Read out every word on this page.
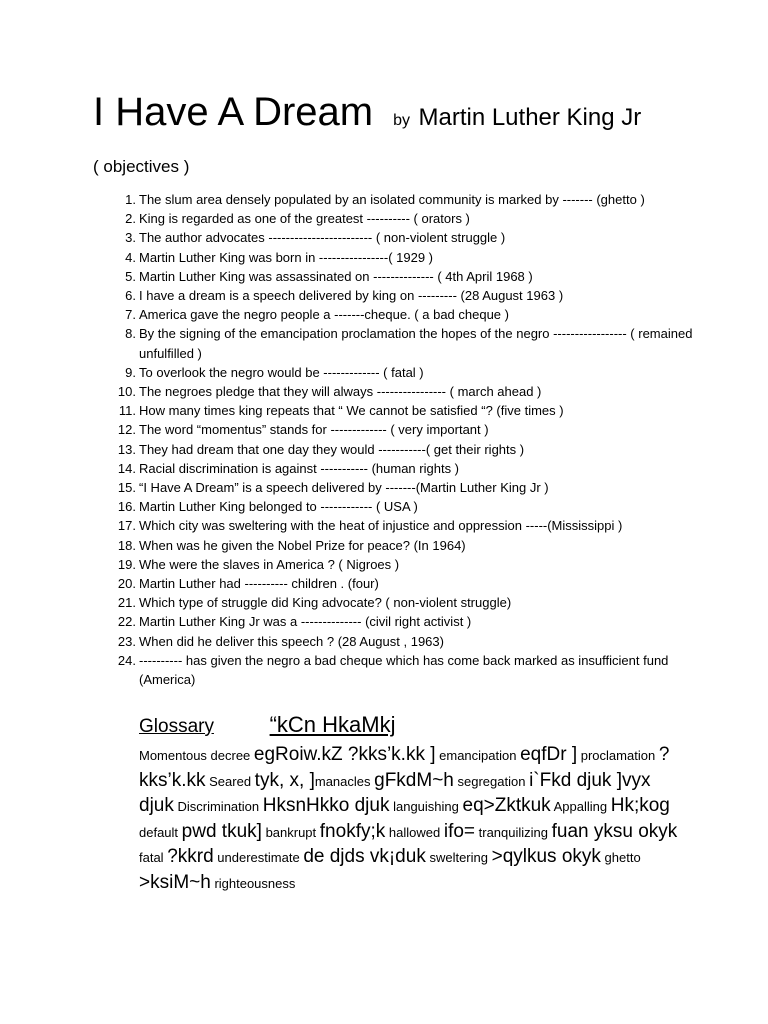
I Have A Dream by Martin Luther King Jr
( objectives )
1. The slum area densely populated by an isolated community is marked by ------- (ghetto )
2. King is regarded as one of the greatest ---------- ( orators )
3. The author advocates ------------------------ ( non-violent struggle )
4. Martin Luther King was born in ----------------( 1929 )
5. Martin Luther King was assassinated on -------------- ( 4th April 1968 )
6. I have a dream is a speech delivered by king on --------- (28 August 1963 )
7. America gave the negro people a -------cheque. ( a bad cheque )
8. By the signing of the emancipation proclamation the hopes of the negro ----------------- ( remained unfulfilled )
9. To overlook the negro would be ------------- ( fatal )
10. The negroes pledge that they will always ---------------- ( march ahead )
11. How many times king repeats that “ We cannot be satisfied “? (five times )
12. The word “momentus” stands for ------------- ( very important )
13. They had dream that one day they would -----------( get their rights )
14. Racial discrimination is against ----------- (human rights )
15. “I Have A Dream” is a speech delivered by -------(Martin Luther King Jr )
16. Martin Luther King belonged to ------------ ( USA )
17. Which city was sweltering with the heat of injustice and oppression -----(Mississippi )
18. When was he given the Nobel Prize for peace? (In 1964)
19. Whe were the slaves in America ? ( Nigroes )
20. Martin Luther had ---------- children . (four)
21. Which type of struggle did King advocate? ( non-violent struggle)
22. Martin Luther King Jr was a -------------- (civil right activist )
23. When did he deliver this speech ? (28 August , 1963)
24. ---------- has given the negro a bad cheque which has come back marked as insufficient fund (America)
Glossary	“kCn HkaMkj
Momentous decree egRoiw.kZ ?kks’k.kk ] emancipation eqfDr ] proclamation ?kks’k.kk Seared tyk, x, ]manacles gFkdM~h segregation i`Fkd djuk ]vyx djuk Discrimination HksnHkko djuk languishing eq>Zktkuk Appalling Hk;kog default pwd tkuk] bankrupt fnokfy;k hallowed ifo= tranquilizing fuan yksu okyk fatal ?kkrd underestimate de djds vk¡duk sweltering >qylkus okyk ghetto >ksiM~h righteousness
